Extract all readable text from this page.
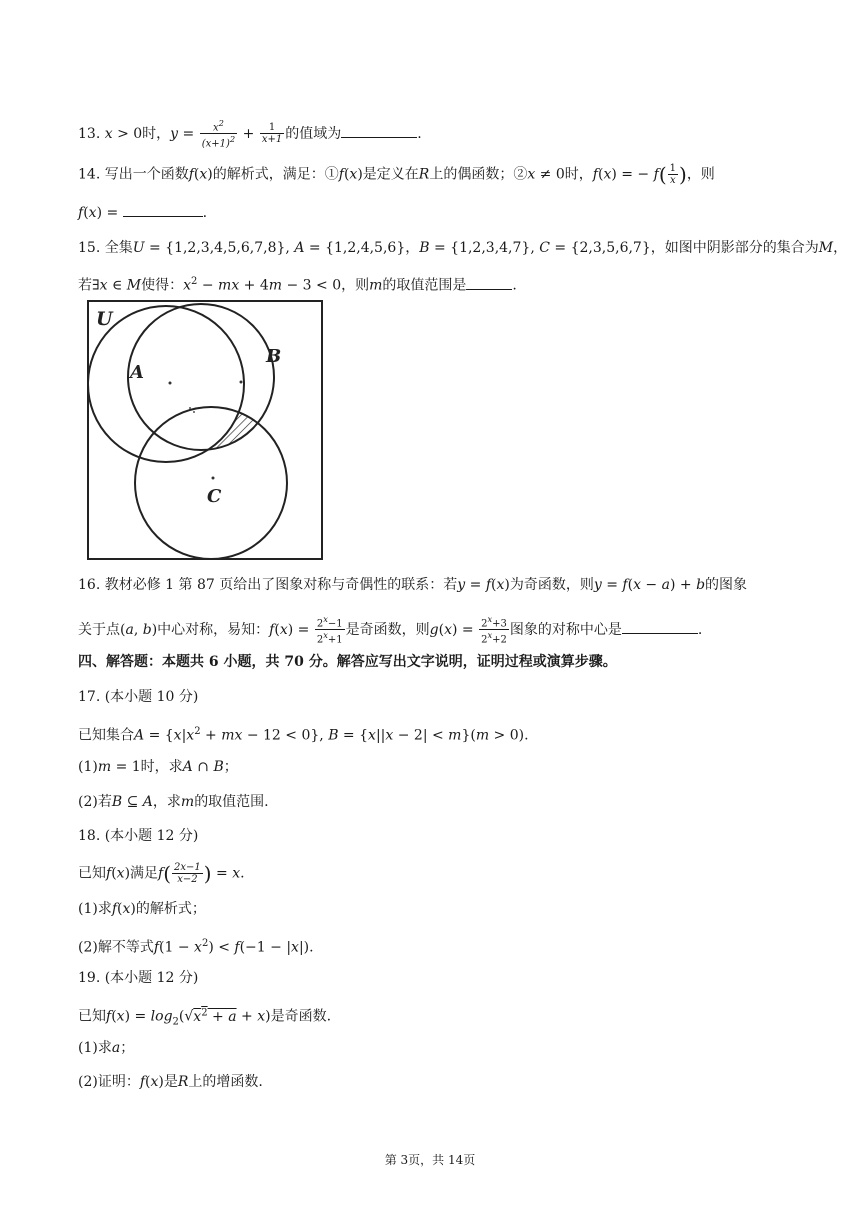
13. x > 0时，$y = \frac{x^2}{(x+1)^2} + \frac{1}{x+1}$ 的值域为	.
14. 写出一个函数f(x)的解析式，满足：①f(x)是定义在R上的偶函数；②x ≠ 0时，f(x) = − $f( \frac{1}{x}$ )，则
f(x) =	.
15. 全集U = {1,2,3,4,5,6,7,8}, A = {1,2,4,5,6}，B = {1,2,3,4,7}, C = {2,3,5,6,7}，如图中阴影部分的集合为M，
若∃x ∈ M使得：$x^2$ − mx + 4m − 3 < 0，则m的取值范围是	.
U
A
B
C
16. 教材必修 1 第 87 页给出了图象对称与奇偶性的联系：若y = f(x)为奇函数，则y = f(x − a) + b的图象
关于点(a, b)中心对称，易知：$f(x) = \frac{2^x-1}{2^x+1}$ 是奇函数，则$g(x) = \frac{2^x+3}{2^x+2}$ 图象的对称中心是	.
四、解答题：本题共 6 小题，共 70 分。解答应写出文字说明，证明过程或演算步骤。
17. (本小题 10 分)
已知集合$A = \{x|x^2$ + mx − 12 < 0}, B = {x||x − 2| < m}(m > 0).
(1)m = 1时，求A ∩ B；
(2)若B ⊆ A，求m的取值范围.
18. (本小题 12 分)
已知f(x)满足$f( \frac{2x-1}{x-2}$ ) = x.
(1)求f(x)的解析式；
(2)解不等式$f(1 - x^2) < f(-1 - |x|)$.
19. (本小题 12 分)
已知$f(x) = \log_2(√x^2 + a + x)$是奇函数.
(1)求a；
(2)证明：f(x)是R上的增函数.
第 3页，共 14页
